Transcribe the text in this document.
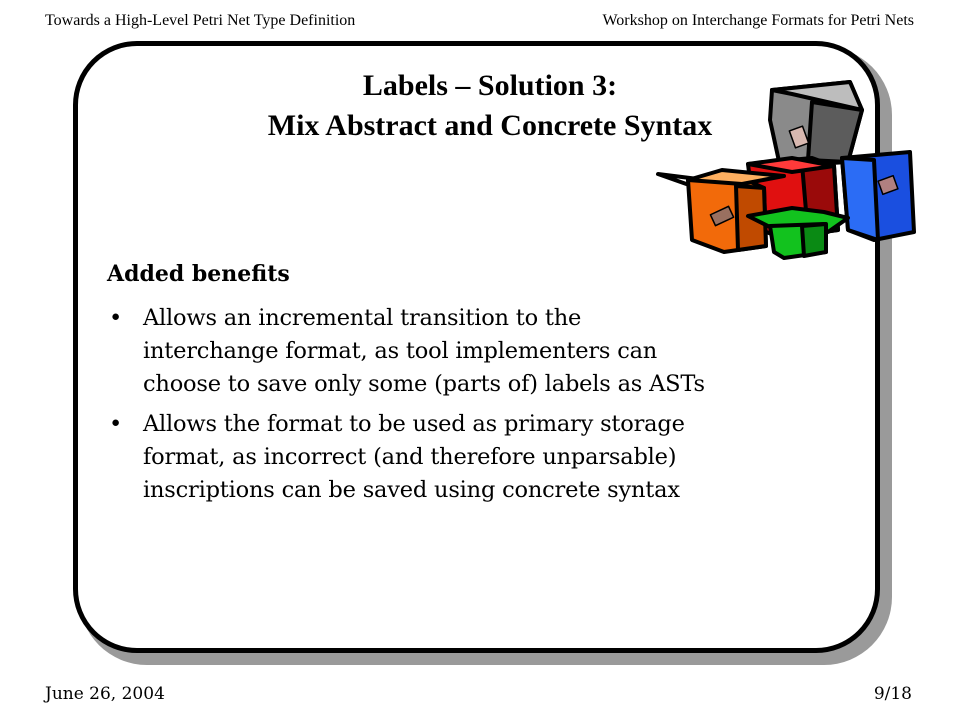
Towards a High-Level Petri Net Type Definition	Workshop on Interchange Formats for Petri Nets
Labels – Solution 3:
Mix Abstract and Concrete Syntax
Added benefits
• Allows an incremental transition to the
interchange format, as tool implementers can
choose to save only some (parts of) labels as ASTs
• Allows the format to be used as primary storage
format, as incorrect (and therefore unparsable)
inscriptions can be saved using concrete syntax
June 26, 2004	9/18
